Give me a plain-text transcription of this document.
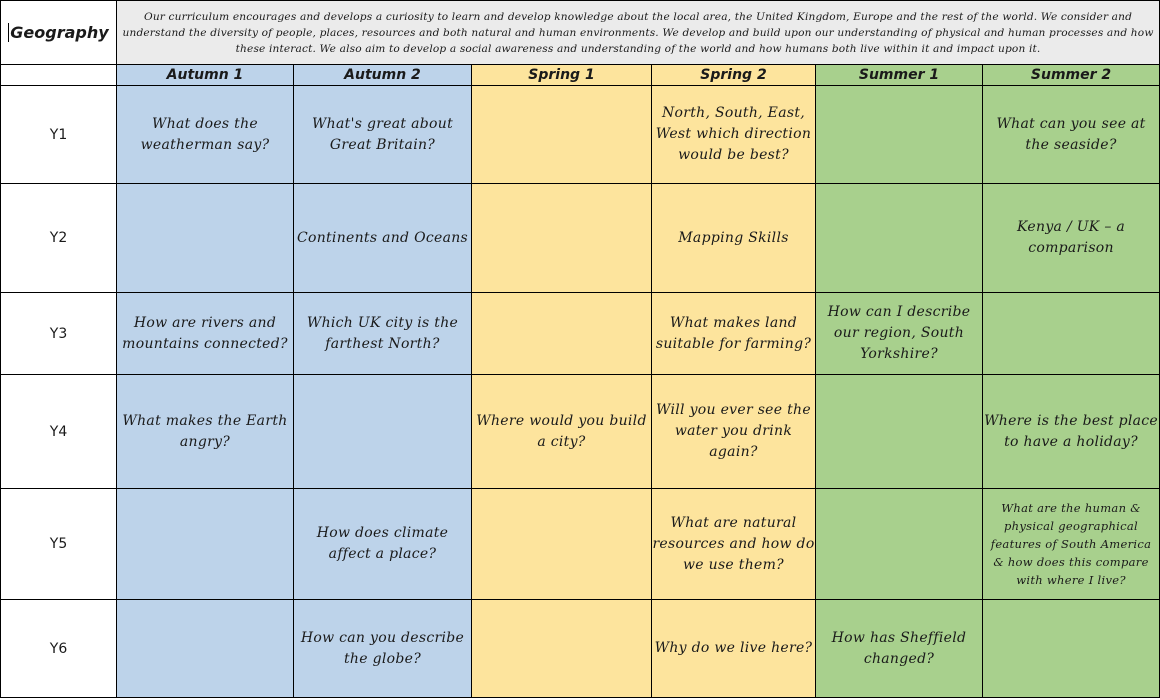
Geography	Our curriculum encourages and develops a curiosity to learn and develop knowledge about the local area, the United Kingdom, Europe and the rest of the world. We consider and understand the diversity of people, places, resources and both natural and human environments. We develop and build upon our understanding of physical and human processes and how these interact. We also aim to develop a social awareness and understanding of the world and how humans both live within it and impact upon it.					
	Autumn 1	Autumn 2	Spring 1	Spring 2	Summer 1	Summer 2
Y1	What does the weatherman say?	What's great about Great Britain?		North, South, East, West which direction would be best?		What can you see at the seaside?
Y2		Continents and Oceans		Mapping Skills		Kenya / UK – a comparison
Y3	How are rivers and mountains connected?	Which UK city is the farthest North?		What makes land suitable for farming?	How can I describe our region, South Yorkshire?	
Y4	What makes the Earth angry?		Where would you build a city?	Will you ever see the water you drink again?		Where is the best place to have a holiday?
Y5		How does climate affect a place?		What are natural resources and how do we use them?		What are the human & physical geographical features of South America & how does this compare with where I live?
Y6		How can you describe the globe?		Why do we live here?	How has Sheffield changed?	
